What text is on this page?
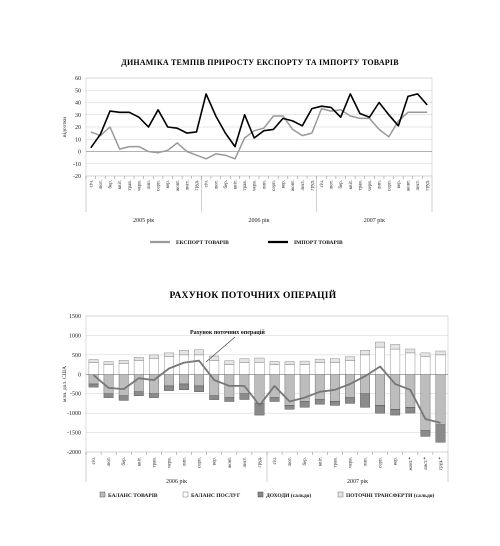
ДИНАМІКА ТЕМПІВ ПРИРОСТУ ЕКСПОРТУ ТА ІМПОРТУ ТОВАРІВ
відсотки
-20
-10
0
10
20
30
40
50
60
січ. лют. бер. квіт. трав. черв. лип. серп. вер. жовт. лист. груд. січ. лют. бер. квіт. трав. черв. лип. серп. вер. жовт. лист. груд. січ. лют. бер. квіт. трав. черв. лип. серп. вер. жовт. лист. груд.
2005 рік	2006 рік	2007 рік
ЕКСПОРТ ТОВАРІВ	ІМПОРТ ТОВАРІВ
РАХУНОК ПОТОЧНИХ ОПЕРАЦІЙ
млн. дол. США
-2000
-1500
-1000
-500
0
500
1000
1500
січ. лют. бер. квіт. трав. черв. лип. серп. вер. жовт. лист. груд. січ. лют. бер. квіт. трав. черв. лип. серп. вер. жовт.* лист.* груд.*
2006 рік	2007 рік
Рахунок поточних операцій
БАЛАНС ТОВАРІВ	БАЛАНС ПОСЛУГ	ДОХОДИ (сальдо)	ПОТОЧНІ ТРАНСФЕРТИ (сальдо)
